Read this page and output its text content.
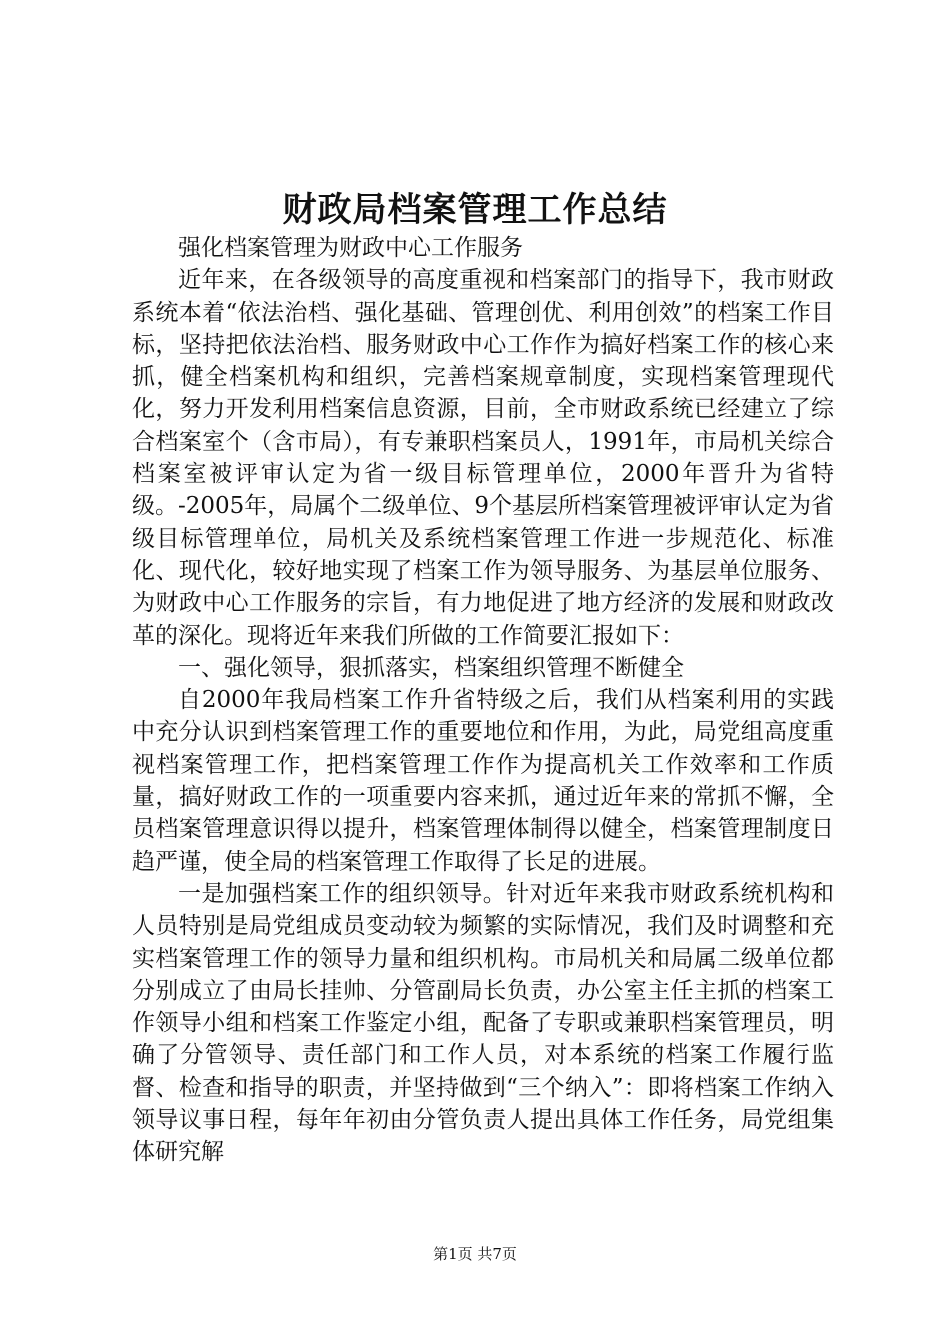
财政局档案管理工作总结

强化档案管理为财政中心工作服务

近年来，在各级领导的高度重视和档案部门的指导下，我市财政系统本着“依法治档、强化基础、管理创优、利用创效”的档案工作目标，坚持把依法治档、服务财政中心工作作为搞好档案工作的核心来抓，健全档案机构和组织，完善档案规章制度，实现档案管理现代化，努力开发利用档案信息资源，目前，全市财政系统已经建立了综合档案室个（含市局），有专兼职档案员人，1991年，市局机关综合档案室被评审认定为省一级目标管理单位，2000年晋升为省特级。-2005年，局属个二级单位、9个基层所档案管理被评审认定为省级目标管理单位，局机关及系统档案管理工作进一步规范化、标准化、现代化，较好地实现了档案工作为领导服务、为基层单位服务、为财政中心工作服务的宗旨，有力地促进了地方经济的发展和财政改革的深化。现将近年来我们所做的工作简要汇报如下：

一、强化领导，狠抓落实，档案组织管理不断健全

自2000年我局档案工作升省特级之后，我们从档案利用的实践中充分认识到档案管理工作的重要地位和作用，为此，局党组高度重视档案管理工作，把档案管理工作作为提高机关工作效率和工作质量，搞好财政工作的一项重要内容来抓，通过近年来的常抓不懈，全员档案管理意识得以提升，档案管理体制得以健全，档案管理制度日趋严谨，使全局的档案管理工作取得了长足的进展。

一是加强档案工作的组织领导。针对近年来我市财政系统机构和人员特别是局党组成员变动较为频繁的实际情况，我们及时调整和充实档案管理工作的领导力量和组织机构。市局机关和局属二级单位都分别成立了由局长挂帅、分管副局长负责，办公室主任主抓的档案工作领导小组和档案工作鉴定小组，配备了专职或兼职档案管理员，明确了分管领导、责任部门和工作人员，对本系统的档案工作履行监督、检查和指导的职责，并坚持做到“三个纳入”：即将档案工作纳入领导议事日程，每年年初由分管负责人提出具体工作任务，局党组集体研究解

第1页 共7页
